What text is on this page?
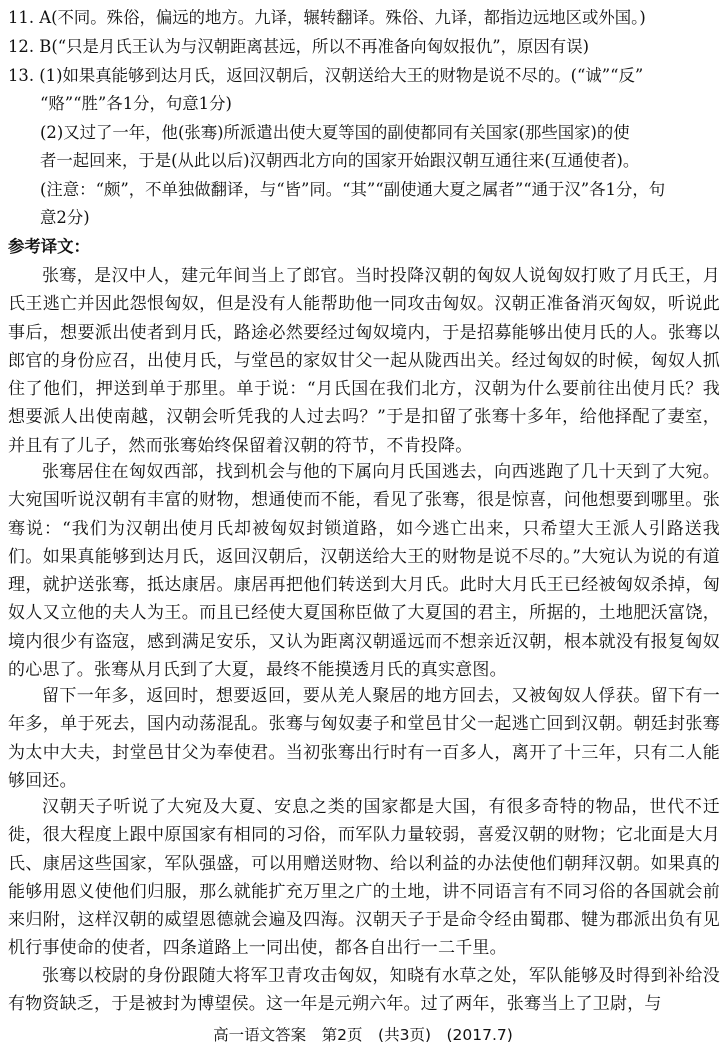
11. A(不同。殊俗，偏远的地方。九译，辗转翻译。殊俗、九译，都指边远地区或外国。)
12. B(“只是月氏王认为与汉朝距离甚远，所以不再准备向匈奴报仇”，原因有误)
13. (1)如果真能够到达月氏，返回汉朝后，汉朝送给大王的财物是说不尽的。(“诚”“反”
“赂”“胜”各1分，句意1分)
(2)又过了一年，他(张骞)所派遣出使大夏等国的副使都同有关国家(那些国家)的使
者一起回来，于是(从此以后)汉朝西北方向的国家开始跟汉朝互通往来(互通使者)。
(注意：“颇”，不单独做翻译，与“皆”同。“其”“副使通大夏之属者”“通于汉”各1分，句
意2分)
参考译文：
张骞，是汉中人，建元年间当上了郎官。当时投降汉朝的匈奴人说匈奴打败了月氏王，月氏王逃亡并因此怨恨匈奴，但是没有人能帮助他一同攻击匈奴。汉朝正准备消灭匈奴，听说此事后，想要派出使者到月氏，路途必然要经过匈奴境内，于是招募能够出使月氏的人。张骞以郎官的身份应召，出使月氏，与堂邑的家奴甘父一起从陇西出关。经过匈奴的时候，匈奴人抓住了他们，押送到单于那里。单于说：“月氏国在我们北方，汉朝为什么要前往出使月氏？我想要派人出使南越，汉朝会听凭我的人过去吗？”于是扣留了张骞十多年，给他择配了妻室，并且有了儿子，然而张骞始终保留着汉朝的符节，不肯投降。
张骞居住在匈奴西部，找到机会与他的下属向月氏国逃去，向西逃跑了几十天到了大宛。大宛国听说汉朝有丰富的财物，想通使而不能，看见了张骞，很是惊喜，问他想要到哪里。张骞说：“我们为汉朝出使月氏却被匈奴封锁道路，如今逃亡出来，只希望大王派人引路送我们。如果真能够到达月氏，返回汉朝后，汉朝送给大王的财物是说不尽的。”大宛认为说的有道理，就护送张骞，抵达康居。康居再把他们转送到大月氏。此时大月氏王已经被匈奴杀掉，匈奴人又立他的夫人为王。而且已经使大夏国称臣做了大夏国的君主，所据的，土地肥沃富饶，境内很少有盗寇，感到满足安乐，又认为距离汉朝遥远而不想亲近汉朝，根本就没有报复匈奴的心思了。张骞从月氏到了大夏，最终不能摸透月氏的真实意图。
留下一年多，返回时，想要返回，要从羌人聚居的地方回去，又被匈奴人俘获。留下有一年多，单于死去，国内动荡混乱。张骞与匈奴妻子和堂邑甘父一起逃亡回到汉朝。朝廷封张骞为太中大夫，封堂邑甘父为奉使君。当初张骞出行时有一百多人，离开了十三年，只有二人能够回还。
汉朝天子听说了大宛及大夏、安息之类的国家都是大国，有很多奇特的物品，世代不迁徙，很大程度上跟中原国家有相同的习俗，而军队力量较弱，喜爱汉朝的财物；它北面是大月氏、康居这些国家，军队强盛，可以用赠送财物、给以利益的办法使他们朝拜汉朝。如果真的能够用恩义使他们归服，那么就能扩充万里之广的土地，讲不同语言有不同习俗的各国就会前来归附，这样汉朝的威望恩德就会遍及四海。汉朝天子于是命令经由蜀郡、犍为郡派出负有见机行事使命的使者，四条道路上一同出使，都各自出行一二千里。
张骞以校尉的身份跟随大将军卫青攻击匈奴，知晓有水草之处，军队能够及时得到补给没有物资缺乏，于是被封为博望侯。这一年是元朔六年。过了两年，张骞当上了卫尉，与
高一语文答案　第2页　(共3页)　(2017.7)
